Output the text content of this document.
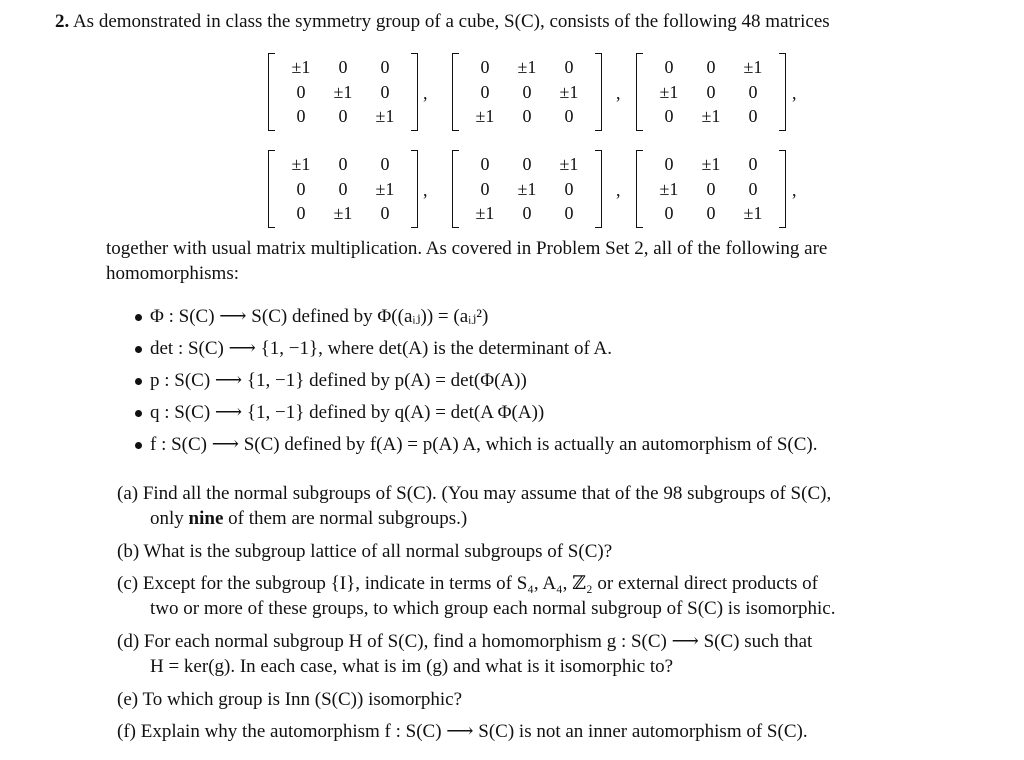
2. As demonstrated in class the symmetry group of a cube, S(C), consists of the following 48 matrices
±1	0	0
0	±1	0
0	0	±1
,
0	±1	0
0	0	±1
±1	0	0
,
0	0	±1
±1	0	0
0	±1	0
,
±1	0	0
0	0	±1
0	±1	0
,
0	0	±1
0	±1	0
±1	0	0
,
0	±1	0
±1	0	0
0	0	±1
,
together with usual matrix multiplication. As covered in Problem Set 2, all of the following are
homomorphisms:
Φ : S(C) ⟶ S(C) defined by Φ((aᵢⱼ)) = (aᵢⱼ²)
det : S(C) ⟶ {1, −1}, where det(A) is the determinant of A.
p : S(C) ⟶ {1, −1} defined by p(A) = det(Φ(A))
q : S(C) ⟶ {1, −1} defined by q(A) = det(A Φ(A))
f : S(C) ⟶ S(C) defined by f(A) = p(A) A, which is actually an automorphism of S(C).
(a) Find all the normal subgroups of S(C). (You may assume that of the 98 subgroups of S(C),
only nine of them are normal subgroups.)
(b) What is the subgroup lattice of all normal subgroups of S(C)?
(c) Except for the subgroup {I}, indicate in terms of S₄, A₄, ℤ₂ or external direct products of
two or more of these groups, to which group each normal subgroup of S(C) is isomorphic.
(d) For each normal subgroup H of S(C), find a homomorphism g : S(C) ⟶ S(C) such that
H = ker(g). In each case, what is im (g) and what is it isomorphic to?
(e) To which group is Inn (S(C)) isomorphic?
(f) Explain why the automorphism f : S(C) ⟶ S(C) is not an inner automorphism of S(C).
